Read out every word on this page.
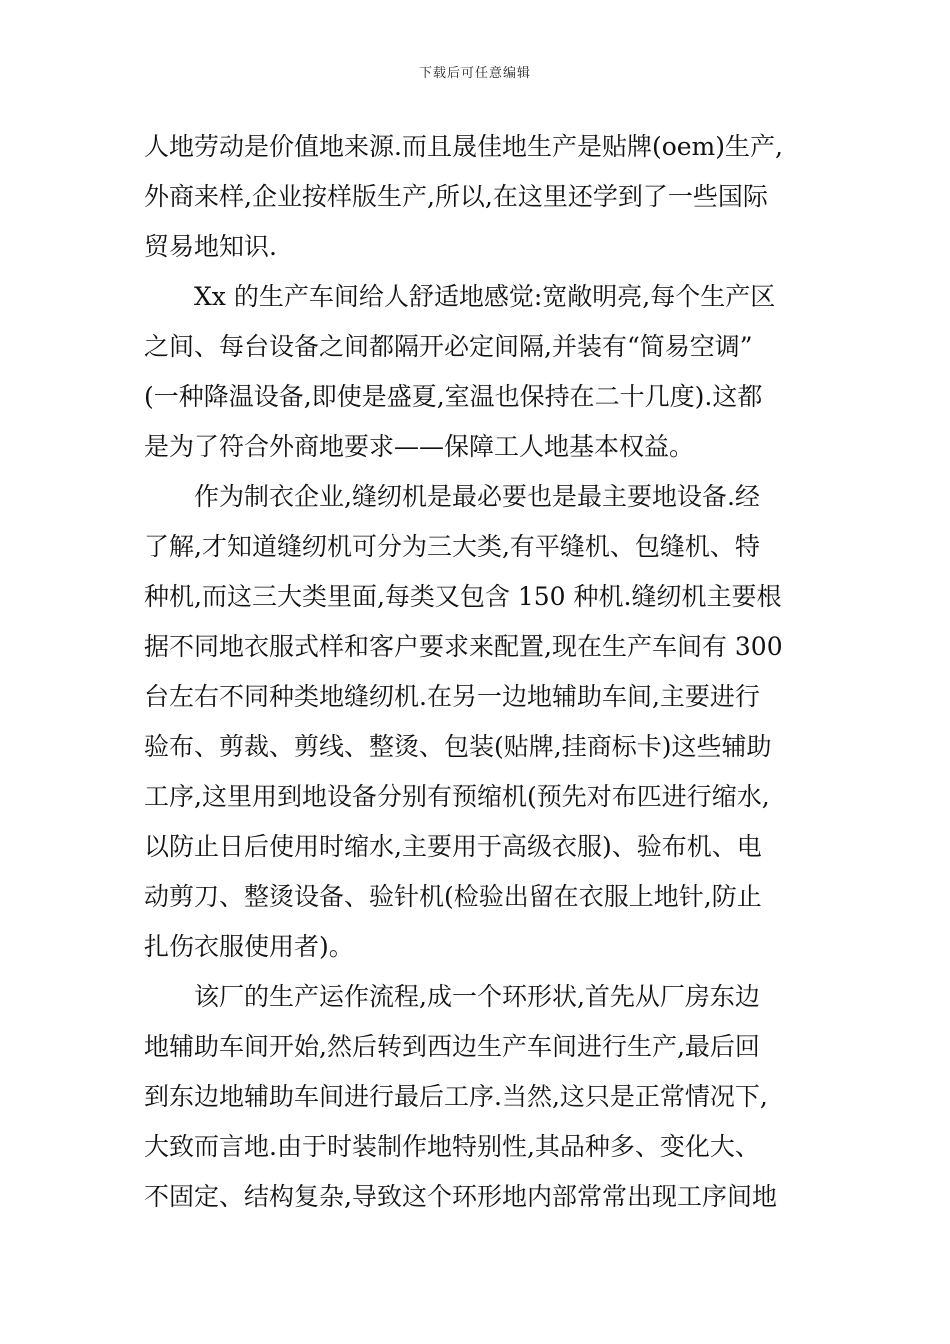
下载后可任意编辑
人地劳动是价值地来源.而且晟佳地生产是贴牌(oem)生产,
外商来样,企业按样版生产,所以,在这里还学到了一些国际
贸易地知识.
Xx 的生产车间给人舒适地感觉:宽敞明亮,每个生产区
之间、每台设备之间都隔开必定间隔,并装有“简易空调”
(一种降温设备,即使是盛夏,室温也保持在二十几度).这都
是为了符合外商地要求——保障工人地基本权益。
作为制衣企业,缝纫机是最必要也是最主要地设备.经
了解,才知道缝纫机可分为三大类,有平缝机、包缝机、特
种机,而这三大类里面,每类又包含 150 种机.缝纫机主要根
据不同地衣服式样和客户要求来配置,现在生产车间有 300
台左右不同种类地缝纫机.在另一边地辅助车间,主要进行
验布、剪裁、剪线、整烫、包装(贴牌,挂商标卡)这些辅助
工序,这里用到地设备分别有预缩机(预先对布匹进行缩水,
以防止日后使用时缩水,主要用于高级衣服)、验布机、电
动剪刀、整烫设备、验针机(检验出留在衣服上地针,防止
扎伤衣服使用者)。
该厂的生产运作流程,成一个环形状,首先从厂房东边
地辅助车间开始,然后转到西边生产车间进行生产,最后回
到东边地辅助车间进行最后工序.当然,这只是正常情况下,
大致而言地.由于时装制作地特别性,其品种多、变化大、
不固定、结构复杂,导致这个环形地内部常常出现工序间地
